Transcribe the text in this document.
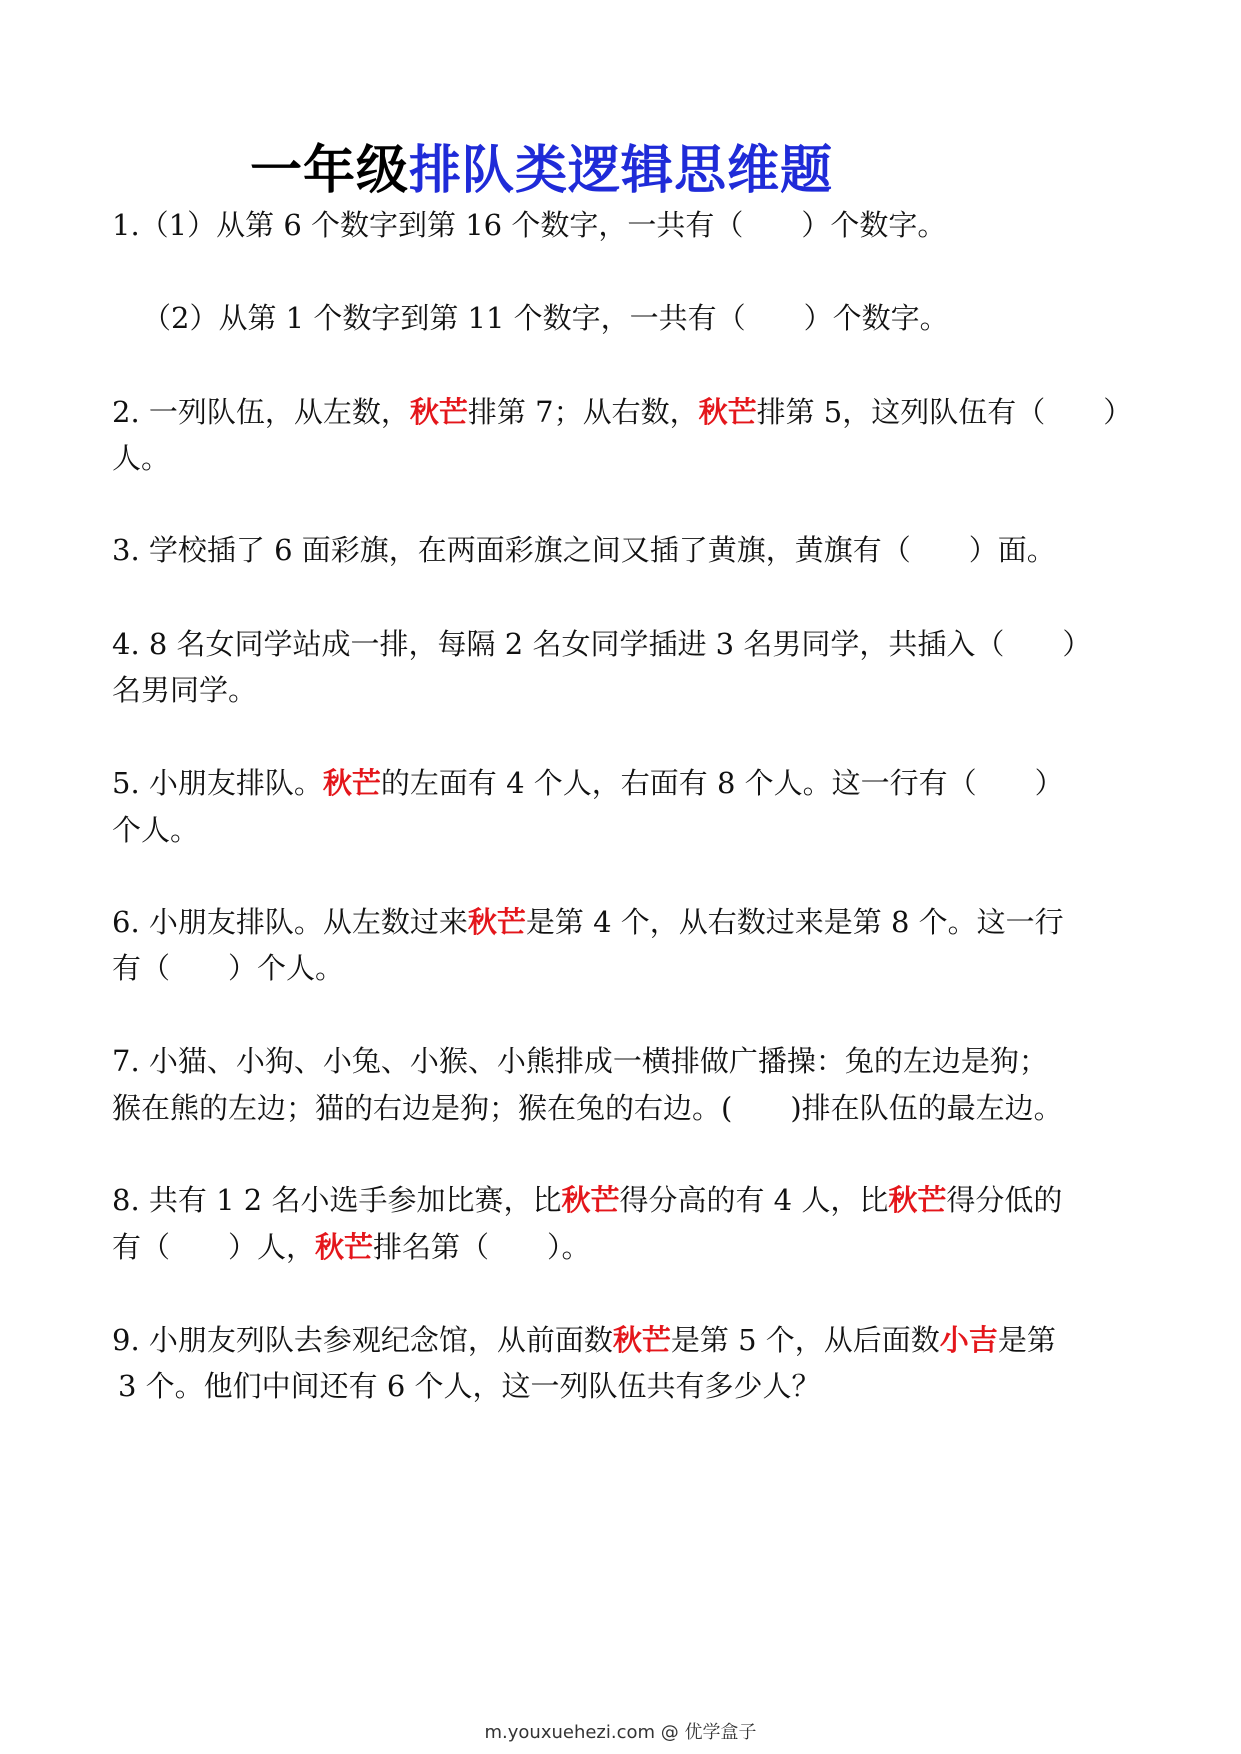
一年级排队类逻辑思维题
1.（1）从第 6 个数字到第 16 个数字，一共有（　　）个数字。
（2）从第 1 个数字到第 11 个数字，一共有（　　）个数字。
2. 一列队伍，从左数，秋芒排第 7；从右数，秋芒排第 5，这列队伍有（　　）
人。
3. 学校插了 6 面彩旗，在两面彩旗之间又插了黄旗，黄旗有（　　）面。
4. 8 名女同学站成一排，每隔 2 名女同学插进 3 名男同学，共插入（　　）
名男同学。
5. 小朋友排队。秋芒的左面有 4 个人，右面有 8 个人。这一行有（　　）
个人。
6. 小朋友排队。从左数过来秋芒是第 4 个，从右数过来是第 8 个。这一行
有（　　）个人。
7. 小猫、小狗、小兔、小猴、小熊排成一横排做广播操：兔的左边是狗；
猴在熊的左边；猫的右边是狗；猴在兔的右边。(　　)排在队伍的最左边。
8. 共有 1 2 名小选手参加比赛，比秋芒得分高的有 4 人，比秋芒得分低的
有（　　）人，秋芒排名第（　　）。
9. 小朋友列队去参观纪念馆，从前面数秋芒是第 5 个，从后面数小吉是第
3 个。他们中间还有 6 个人，这一列队伍共有多少人？
m.youxuehezi.com @ 优学盒子
